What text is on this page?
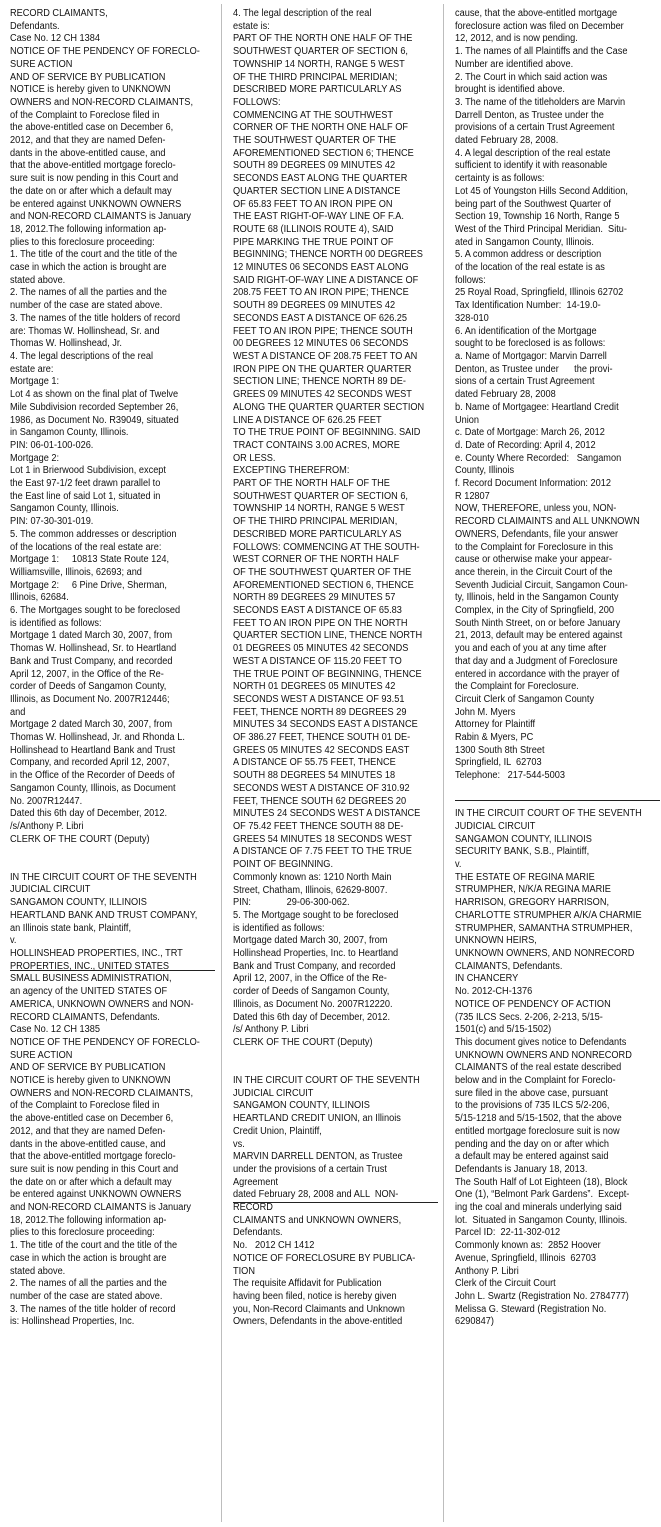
RECORD CLAIMANTS,
Defendants.
Case No. 12 CH 1384
NOTICE OF THE PENDENCY OF FORECLO-
SURE ACTION
AND OF SERVICE BY PUBLICATION
NOTICE is hereby given to UNKNOWN
OWNERS and NON-RECORD CLAIMANTS,
of the Complaint to Foreclose filed in
the above-entitled case on December 6,
2012, and that they are named Defen-
dants in the above-entitled cause, and
that the above-entitled mortgage foreclo-
sure suit is now pending in this Court and
the date on or after which a default may
be entered against UNKNOWN OWNERS
and NON-RECORD CLAIMANTS is January
18, 2012.The following information ap-
plies to this foreclosure proceeding:
1. The title of the court and the title of the
case in which the action is brought are
stated above.
2. The names of all the parties and the
number of the case are stated above.
3. The names of the title holders of record
are: Thomas W. Hollinshead, Sr. and
Thomas W. Hollinshead, Jr.
4. The legal descriptions of the real
estate are:
Mortgage 1:
Lot 4 as shown on the final plat of Twelve
Mile Subdivision recorded September 26,
1986, as Document No. R39049, situated
in Sangamon County, Illinois.
PIN: 06-01-100-026.
Mortgage 2:
Lot 1 in Brierwood Subdivision, except
the East 97-1/2 feet drawn parallel to
the East line of said Lot 1, situated in
Sangamon County, Illinois.
PIN: 07-30-301-019.
5. The common addresses or description
of the locations of the real estate are:
Mortgage 1:     10813 State Route 124,
Williamsville, Illinois, 62693; and
Mortgage 2:     6 Pine Drive, Sherman,
Illinois, 62684.
6. The Mortgages sought to be foreclosed
is identified as follows:
Mortgage 1 dated March 30, 2007, from
Thomas W. Hollinshead, Sr. to Heartland
Bank and Trust Company, and recorded
April 12, 2007, in the Office of the Re-
corder of Deeds of Sangamon County,
Illinois, as Document No. 2007R12446;
and
Mortgage 2 dated March 30, 2007, from
Thomas W. Hollinshead, Jr. and Rhonda L.
Hollinshead to Heartland Bank and Trust
Company, and recorded April 12, 2007,
in the Office of the Recorder of Deeds of
Sangamon County, Illinois, as Document
No. 2007R12447.
Dated this 6th day of December, 2012.
/s/Anthony P. Libri
CLERK OF THE COURT (Deputy)
IN THE CIRCUIT COURT OF THE SEVENTH
JUDICIAL CIRCUIT
SANGAMON COUNTY, ILLINOIS
HEARTLAND BANK AND TRUST COMPANY,
an Illinois state bank, Plaintiff,
v.
HOLLINSHEAD PROPERTIES, INC., TRT
PROPERTIES, INC., UNITED STATES
SMALL BUSINESS ADMINISTRATION,
an agency of the UNITED STATES OF
AMERICA, UNKNOWN OWNERS and NON-
RECORD CLAIMANTS, Defendants.
Case No. 12 CH 1385
NOTICE OF THE PENDENCY OF FORECLO-
SURE ACTION
AND OF SERVICE BY PUBLICATION
NOTICE is hereby given to UNKNOWN
OWNERS and NON-RECORD CLAIMANTS,
of the Complaint to Foreclose filed in
the above-entitled case on December 6,
2012, and that they are named Defen-
dants in the above-entitled cause, and
that the above-entitled mortgage foreclo-
sure suit is now pending in this Court and
the date on or after which a default may
be entered against UNKNOWN OWNERS
and NON-RECORD CLAIMANTS is January
18, 2012.The following information ap-
plies to this foreclosure proceeding:
1. The title of the court and the title of the
case in which the action is brought are
stated above.
2. The names of all the parties and the
number of the case are stated above.
3. The names of the title holder of record
is: Hollinshead Properties, Inc.
4. The legal description of the real
estate is:
PART OF THE NORTH ONE HALF OF THE
SOUTHWEST QUARTER OF SECTION 6,
TOWNSHIP 14 NORTH, RANGE 5 WEST
OF THE THIRD PRINCIPAL MERIDIAN;
DESCRIBED MORE PARTICULARLY AS
FOLLOWS:
COMMENCING AT THE SOUTHWEST
CORNER OF THE NORTH ONE HALF OF
THE SOUTHWEST QUARTER OF THE
AFOREMENTIONED SECTION 6; THENCE
SOUTH 89 DEGREES 09 MINUTES 42
SECONDS EAST ALONG THE QUARTER
QUARTER SECTION LINE A DISTANCE
OF 65.83 FEET TO AN IRON PIPE ON
THE EAST RIGHT-OF-WAY LINE OF F.A.
ROUTE 68 (ILLINOIS ROUTE 4), SAID
PIPE MARKING THE TRUE POINT OF
BEGINNING; THENCE NORTH 00 DEGREES
12 MINUTES 06 SECONDS EAST ALONG
SAID RIGHT-OF-WAY LINE A DISTANCE OF
208.75 FEET TO AN IRON PIPE; THENCE
SOUTH 89 DEGREES 09 MINUTES 42
SECONDS EAST A DISTANCE OF 626.25
FEET TO AN IRON PIPE; THENCE SOUTH
00 DEGREES 12 MINUTES 06 SECONDS
WEST A DISTANCE OF 208.75 FEET TO AN
IRON PIPE ON THE QUARTER QUARTER
SECTION LINE; THENCE NORTH 89 DE-
GREES 09 MINUTES 42 SECONDS WEST
ALONG THE QUARTER QUARTER SECTION
LINE A DISTANCE OF 626.25 FEET
TO THE TRUE POINT OF BEGINNING. SAID
TRACT CONTAINS 3.00 ACRES, MORE
OR LESS.
EXCEPTING THEREFROM:
PART OF THE NORTH HALF OF THE
SOUTHWEST QUARTER OF SECTION 6,
TOWNSHIP 14 NORTH, RANGE 5 WEST
OF THE THIRD PRINCIPAL MERIDIAN,
DESCRIBED MORE PARTICULARLY AS
FOLLOWS: COMMENCING AT THE SOUTH-
WEST CORNER OF THE NORTH HALF
OF THE SOUTHWEST QUARTER OF THE
AFOREMENTIONED SECTION 6, THENCE
NORTH 89 DEGREES 29 MINUTES 57
SECONDS EAST A DISTANCE OF 65.83
FEET TO AN IRON PIPE ON THE NORTH
QUARTER SECTION LINE, THENCE NORTH
01 DEGREES 05 MINUTES 42 SECONDS
WEST A DISTANCE OF 115.20 FEET TO
THE TRUE POINT OF BEGINNING, THENCE
NORTH 01 DEGREES 05 MINUTES 42
SECONDS WEST A DISTANCE OF 93.51
FEET, THENCE NORTH 89 DEGREES 29
MINUTES 34 SECONDS EAST A DISTANCE
OF 386.27 FEET, THENCE SOUTH 01 DE-
GREES 05 MINUTES 42 SECONDS EAST
A DISTANCE OF 55.75 FEET, THENCE
SOUTH 88 DEGREES 54 MINUTES 18
SECONDS WEST A DISTANCE OF 310.92
FEET, THENCE SOUTH 62 DEGREES 20
MINUTES 24 SECONDS WEST A DISTANCE
OF 75.42 FEET THENCE SOUTH 88 DE-
GREES 54 MINUTES 18 SECONDS WEST
A DISTANCE OF 7.75 FEET TO THE TRUE
POINT OF BEGINNING.
Commonly known as: 1210 North Main
Street, Chatham, Illinois, 62629-8007.
PIN:              29-06-300-062.
5. The Mortgage sought to be foreclosed
is identified as follows:
Mortgage dated March 30, 2007, from
Hollinshead Properties, Inc. to Heartland
Bank and Trust Company, and recorded
April 12, 2007, in the Office of the Re-
corder of Deeds of Sangamon County,
Illinois, as Document No. 2007R12220.
Dated this 6th day of December, 2012.
/s/ Anthony P. Libri
CLERK OF THE COURT (Deputy)
IN THE CIRCUIT COURT OF THE SEVENTH
JUDICIAL CIRCUIT
SANGAMON COUNTY, ILLINOIS
HEARTLAND CREDIT UNION, an Illinois
Credit Union, Plaintiff,
vs.
MARVIN DARRELL DENTON, as Trustee
under the provisions of a certain Trust
Agreement
dated February 28, 2008 and ALL  NON-
RECORD
CLAIMANTS and UNKNOWN OWNERS,
Defendants.
No.   2012 CH 1412
NOTICE OF FORECLOSURE BY PUBLICA-
TION
The requisite Affidavit for Publication
having been filed, notice is hereby given
you, Non-Record Claimants and Unknown
Owners, Defendants in the above-entitled
cause, that the above-entitled mortgage
foreclosure action was filed on December
12, 2012, and is now pending.
1. The names of all Plaintiffs and the Case
Number are identified above.
2. The Court in which said action was
brought is identified above.
3. The name of the titleholders are Marvin
Darrell Denton, as Trustee under the
provisions of a certain Trust Agreement
dated February 28, 2008.
4. A legal description of the real estate
sufficient to identify it with reasonable
certainty is as follows:
Lot 45 of Youngston Hills Second Addition,
being part of the Southwest Quarter of
Section 19, Township 16 North, Range 5
West of the Third Principal Meridian.  Situ-
ated in Sangamon County, Illinois.
5. A common address or description
of the location of the real estate is as
follows:
25 Royal Road, Springfield, Illinois 62702
Tax Identification Number:  14-19.0-
328-010
6. An identification of the Mortgage
sought to be foreclosed is as follows:
a. Name of Mortgagor: Marvin Darrell
Denton, as Trustee under      the provi-
sions of a certain Trust Agreement
dated February 28, 2008
b. Name of Mortgagee: Heartland Credit
Union
c. Date of Mortgage: March 26, 2012
d. Date of Recording: April 4, 2012
e. County Where Recorded:   Sangamon
County, Illinois
f. Record Document Information: 2012
R 12807
NOW, THEREFORE, unless you, NON-
RECORD CLAIMAINTS and ALL UNKNOWN
OWNERS, Defendants, file your answer
to the Complaint for Foreclosure in this
cause or otherwise make your appear-
ance therein, in the Circuit Court of the
Seventh Judicial Circuit, Sangamon Coun-
ty, Illinois, held in the Sangamon County
Complex, in the City of Springfield, 200
South Ninth Street, on or before January
21, 2013, default may be entered against
you and each of you at any time after
that day and a Judgment of Foreclosure
entered in accordance with the prayer of
the Complaint for Foreclosure.
Circuit Clerk of Sangamon County
John M. Myers
Attorney for Plaintiff
Rabin & Myers, PC
1300 South 8th Street
Springfield, IL  62703
Telephone:   217-544-5003
IN THE CIRCUIT COURT OF THE SEVENTH
JUDICIAL CIRCUIT
SANGAMON COUNTY, ILLINOIS
SECURITY BANK, S.B., Plaintiff,
v.
THE ESTATE OF REGINA MARIE
STRUMPHER, N/K/A REGINA MARIE
HARRISON, GREGORY HARRISON,
CHARLOTTE STRUMPHER A/K/A CHARMIE
STRUMPHER, SAMANTHA STRUMPHER,
UNKNOWN HEIRS,
UNKNOWN OWNERS, AND NONRECORD
CLAIMANTS, Defendants.
IN CHANCERY
No. 2012-CH-1376
NOTICE OF PENDENCY OF ACTION
(735 ILCS Secs. 2-206, 2-213, 5/15-
1501(c) and 5/15-1502)
This document gives notice to Defendants
UNKNOWN OWNERS AND NONRECORD
CLAIMANTS of the real estate described
below and in the Complaint for Foreclo-
sure filed in the above case, pursuant
to the provisions of 735 ILCS 5/2-206,
5/15-1218 and 5/15-1502, that the above
entitled mortgage foreclosure suit is now
pending and the day on or after which
a default may be entered against said
Defendants is January 18, 2013.
The South Half of Lot Eighteen (18), Block
One (1), “Belmont Park Gardens”.  Except-
ing the coal and minerals underlying said
lot.  Situated in Sangamon County, Illinois.
Parcel ID:  22-11-302-012
Commonly known as:  2852 Hoover
Avenue, Springfield, Illinois  62703
Anthony P. Libri
Clerk of the Circuit Court
John L. Swartz (Registration No. 2784777)
Melissa G. Steward (Registration No.
6290847)
